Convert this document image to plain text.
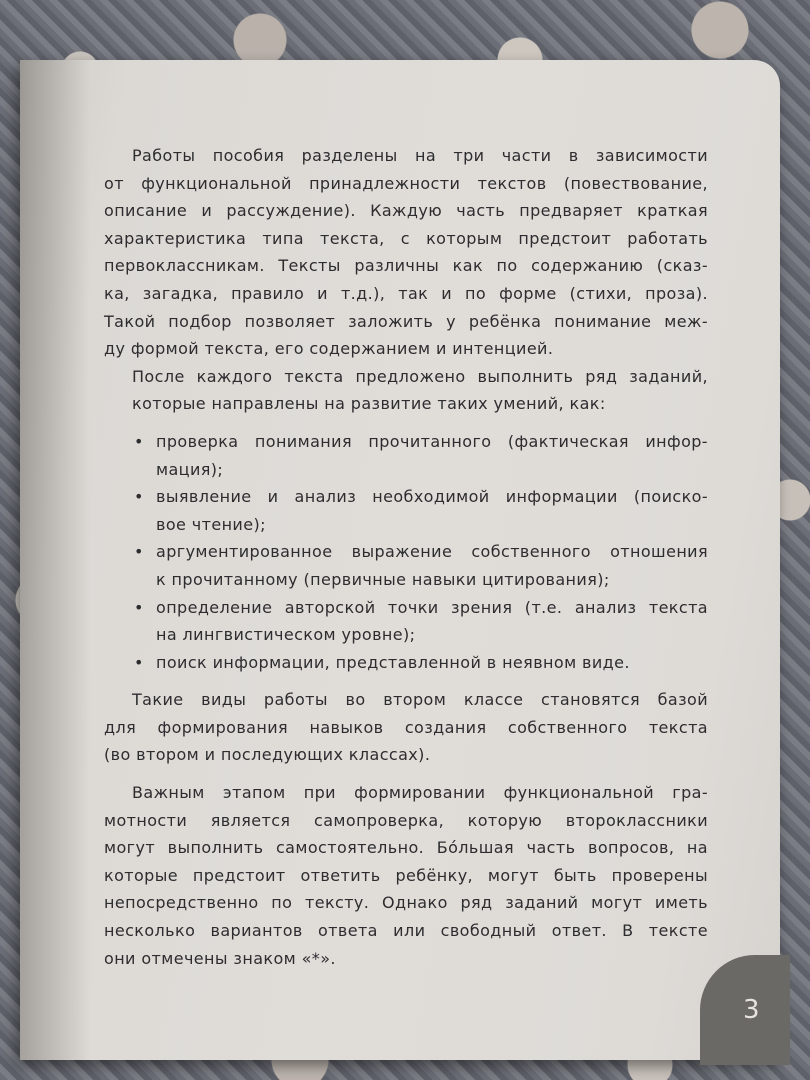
Работы пособия разделены на три части в зависимости
от функциональной принадлежности текстов (повествование,
описание и рассуждение). Каждую часть предваряет краткая
характеристика типа текста, с которым предстоит работать
первоклассникам. Тексты различны как по содержанию (сказ-
ка, загадка, правило и т.д.), так и по форме (стихи, проза).
Такой подбор позволяет заложить у ребёнка понимание меж-
ду формой текста, его содержанием и интенцией.
После каждого текста предложено выполнить ряд заданий,
которые направлены на развитие таких умений, как:
• проверка понимания прочитанного (фактическая инфор-
мация);
• выявление и анализ необходимой информации (поиско-
вое чтение);
• аргументированное выражение собственного отношения
к прочитанному (первичные навыки цитирования);
• определение авторской точки зрения (т.е. анализ текста
на лингвистическом уровне);
• поиск информации, представленной в неявном виде.
Такие виды работы во втором классе становятся базой
для формирования навыков создания собственного текста
(во втором и последующих классах).
Важным этапом при формировании функциональной гра-
мотности является самопроверка, которую второклассники
могут выполнить самостоятельно. Бо́льшая часть вопросов, на
которые предстоит ответить ребёнку, могут быть проверены
непосредственно по тексту. Однако ряд заданий могут иметь
несколько вариантов ответа или свободный ответ. В тексте
они отмечены знаком «*».
3
